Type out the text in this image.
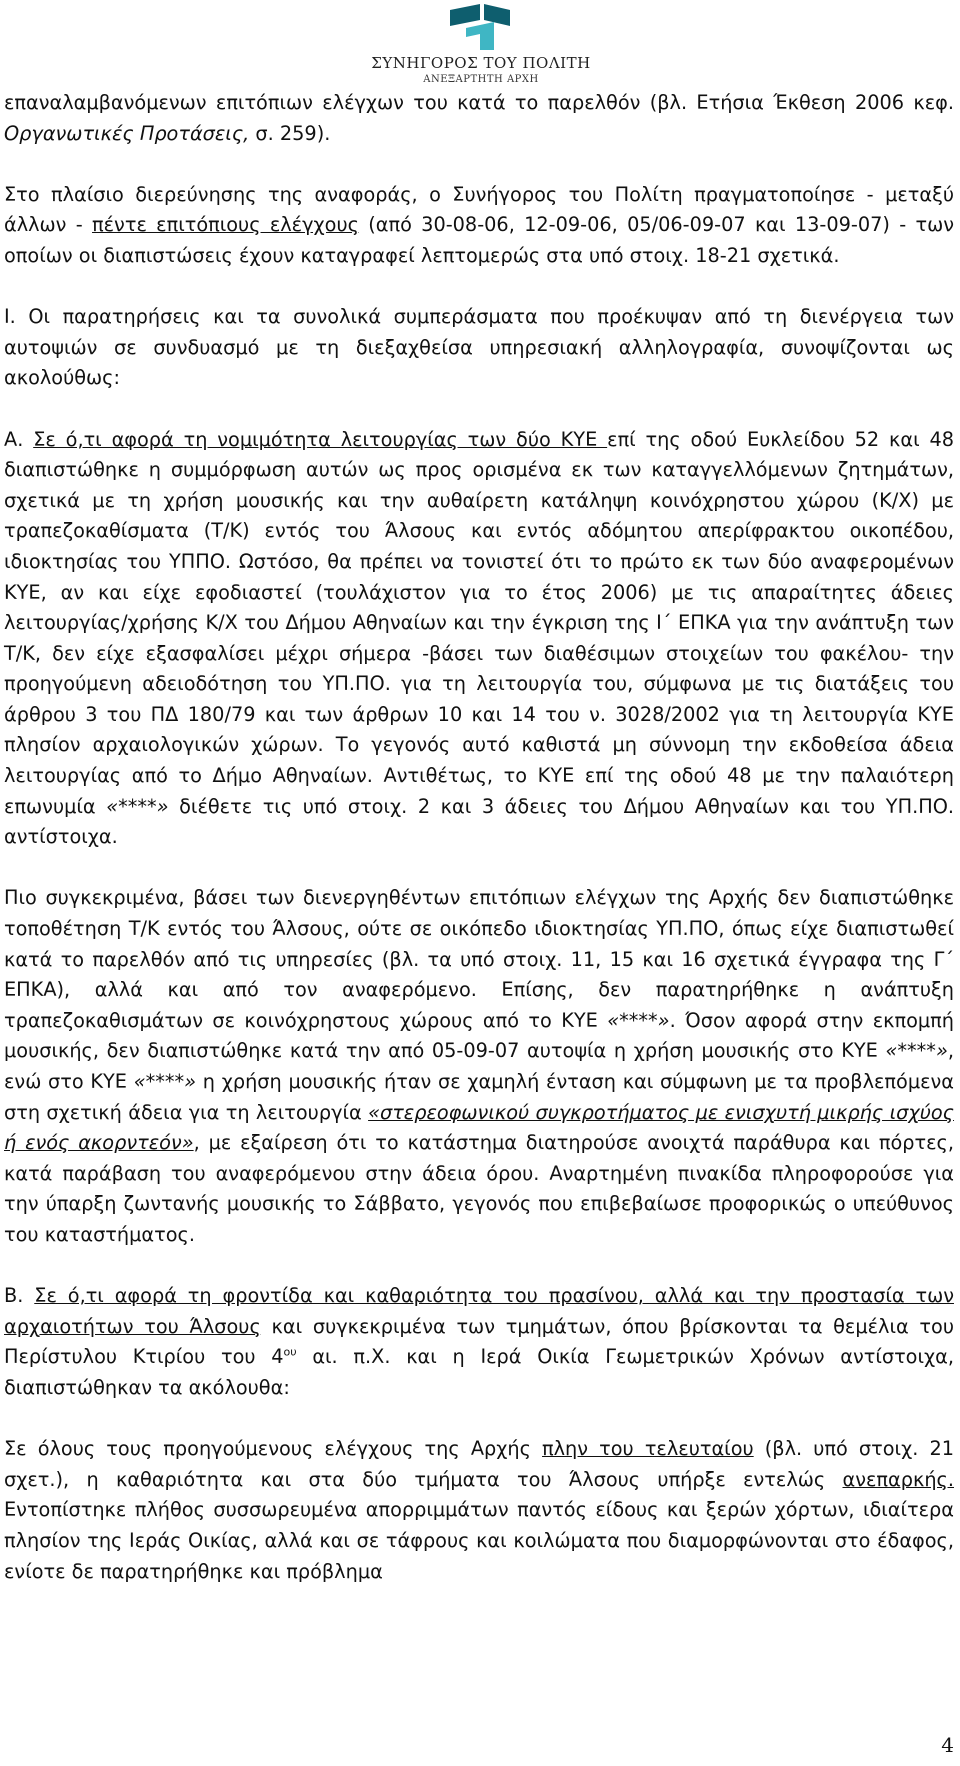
ΣΥΝΗΓΟΡΟΣ ΤΟΥ ΠΟΛΙΤΗ
ΑΝΕΞΑΡΤΗΤΗ ΑΡΧΗ

επαναλαμβανόμενων επιτόπιων ελέγχων του κατά το παρελθόν (βλ. Ετήσια Έκθεση 2006 κεφ. Οργανωτικές Προτάσεις, σ. 259).

Στο πλαίσιο διερεύνησης της αναφοράς, ο Συνήγορος του Πολίτη πραγματοποίησε - μεταξύ άλλων - πέντε επιτόπιους ελέγχους (από 30-08-06, 12-09-06, 05/06-09-07 και 13-09-07) - των οποίων οι διαπιστώσεις έχουν καταγραφεί λεπτομερώς στα υπό στοιχ. 18-21 σχετικά.

Ι. Οι παρατηρήσεις και τα συνολικά συμπεράσματα που προέκυψαν από τη διενέργεια των αυτοψιών σε συνδυασμό με τη διεξαχθείσα υπηρεσιακή αλληλογραφία, συνοψίζονται ως ακολούθως:

Α. Σε ό,τι αφορά τη νομιμότητα λειτουργίας των δύο ΚΥΕ επί της οδού Ευκλείδου 52 και 48 διαπιστώθηκε η συμμόρφωση αυτών ως προς ορισμένα εκ των καταγγελλόμενων ζητημάτων, σχετικά με τη χρήση μουσικής και την αυθαίρετη κατάληψη κοινόχρηστου χώρου (Κ/Χ) με τραπεζοκαθίσματα (Τ/Κ) εντός του Άλσους και εντός αδόμητου απερίφρακτου οικοπέδου, ιδιοκτησίας του ΥΠΠΟ. Ωστόσο, θα πρέπει να τονιστεί ότι το πρώτο εκ των δύο αναφερομένων ΚΥΕ, αν και είχε εφοδιαστεί (τουλάχιστον για το έτος 2006) με τις απαραίτητες άδειες λειτουργίας/χρήσης Κ/Χ του Δήμου Αθηναίων και την έγκριση της Ι΄ ΕΠΚΑ για την ανάπτυξη των Τ/Κ, δεν είχε εξασφαλίσει μέχρι σήμερα -βάσει των διαθέσιμων στοιχείων του φακέλου- την προηγούμενη αδειοδότηση του ΥΠ.ΠΟ. για τη λειτουργία του, σύμφωνα με τις διατάξεις του άρθρου 3 του ΠΔ 180/79 και των άρθρων 10 και 14 του ν. 3028/2002 για τη λειτουργία ΚΥΕ πλησίον αρχαιολογικών χώρων. Το γεγονός αυτό καθιστά μη σύννομη την εκδοθείσα άδεια λειτουργίας από το Δήμο Αθηναίων. Αντιθέτως, το ΚΥΕ επί της οδού 48 με την παλαιότερη επωνυμία «****» διέθετε τις υπό στοιχ. 2 και 3 άδειες του Δήμου Αθηναίων και του ΥΠ.ΠΟ. αντίστοιχα.

Πιο συγκεκριμένα, βάσει των διενεργηθέντων επιτόπιων ελέγχων της Αρχής δεν διαπιστώθηκε τοποθέτηση Τ/Κ εντός του Άλσους, ούτε σε οικόπεδο ιδιοκτησίας ΥΠ.ΠΟ, όπως είχε διαπιστωθεί κατά το παρελθόν από τις υπηρεσίες (βλ. τα υπό στοιχ. 11, 15 και 16 σχετικά έγγραφα της Γ΄ ΕΠΚΑ), αλλά και από τον αναφερόμενο. Επίσης, δεν παρατηρήθηκε η ανάπτυξη τραπεζοκαθισμάτων σε κοινόχρηστους χώρους από το ΚΥΕ «****». Όσον αφορά στην εκπομπή μουσικής, δεν διαπιστώθηκε κατά την από 05-09-07 αυτοψία η χρήση μουσικής στο ΚΥΕ «****», ενώ στο ΚΥΕ «****» η χρήση μουσικής ήταν σε χαμηλή ένταση και σύμφωνη με τα προβλεπόμενα στη σχετική άδεια για τη λειτουργία «στερεοφωνικού συγκροτήματος με ενισχυτή μικρής ισχύος ή ενός ακορντεόν», με εξαίρεση ότι το κατάστημα διατηρούσε ανοιχτά παράθυρα και πόρτες, κατά παράβαση του αναφερόμενου στην άδεια όρου. Αναρτημένη πινακίδα πληροφορούσε για την ύπαρξη ζωντανής μουσικής το Σάββατο, γεγονός που επιβεβαίωσε προφορικώς ο υπεύθυνος του καταστήματος.

Β. Σε ό,τι αφορά τη φροντίδα και καθαριότητα του πρασίνου, αλλά και την προστασία των αρχαιοτήτων του Άλσους και συγκεκριμένα των τμημάτων, όπου βρίσκονται τα θεμέλια του Περίστυλου Κτιρίου του $4^{o\upsilon}$ αι. π.Χ. και η Ιερά Οικία Γεωμετρικών Χρόνων αντίστοιχα, διαπιστώθηκαν τα ακόλουθα:

Σε όλους τους προηγούμενους ελέγχους της Αρχής πλην του τελευταίου (βλ. υπό στοιχ. 21 σχετ.), η καθαριότητα και στα δύο τμήματα του Άλσους υπήρξε εντελώς ανεπαρκής. Εντοπίστηκε πλήθος συσσωρευμένα απορριμμάτων παντός είδους και ξερών χόρτων, ιδιαίτερα πλησίον της Ιεράς Οικίας, αλλά και σε τάφρους και κοιλώματα που διαμορφώνονται στο έδαφος, ενίοτε δε παρατηρήθηκε και πρόβλημα

4
